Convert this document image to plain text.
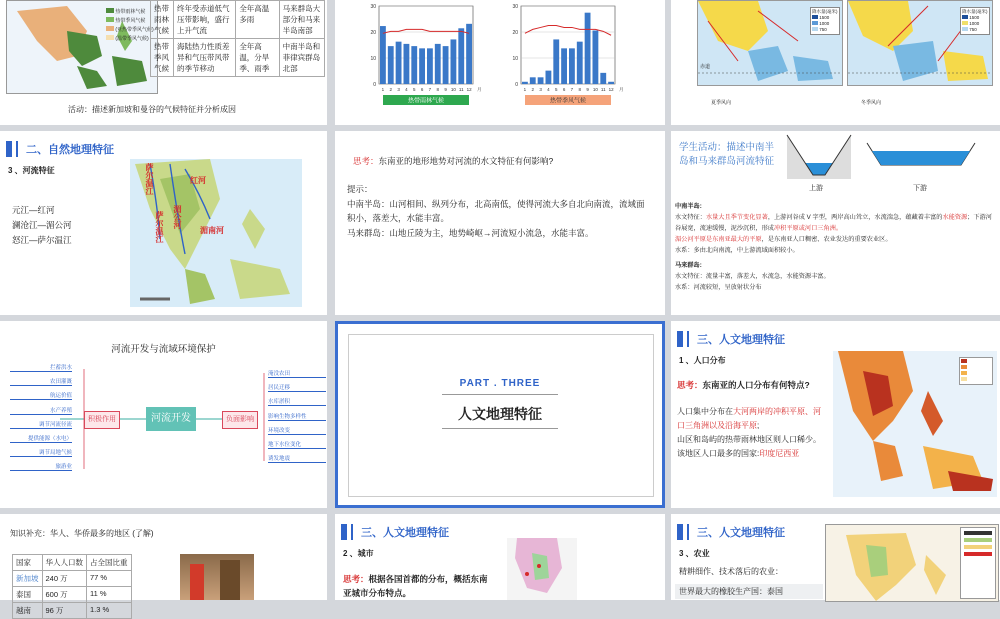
热带雨林气候
热带季风气候
(亚热带季风气候)
(温带季风气候)
热带雨林气候	终年受赤道低气压带影响，盛行上升气流	全年高温多雨	马来群岛大部分和马来半岛南部
热带季风气候	海陆热力性质差异和气压带风带的季节移动	全年高温，分旱季、雨季	中南半岛和菲律宾群岛北部
活动：描述新加坡和曼谷的气候特征并分析成因
0
10
20
30
1 2 3 4 5 6 7 8 9 10 11 12 月
热带雨林气候
0
10
20
30
1 2 3 4 5 6 7 8 9 10 11 12 月
热带季风气候
赤道
降水量(毫米)
1500
1000
750
夏季风向
降水量(毫米)
1500
1000
750
冬季风向
二、自然地理特征
3 、河流特征
元江—红河
澜沧江—湄公河
怒江—萨尔温江
萨尔温江
湄公河
红河
萨尔温江	湄南河
思考：东南亚的地形地势对河流的水文特征有何影响?
提示：
中南半岛：山河相间、纵列分布，北高南低，使得河流大多自北向南流，流域面积小，落差大，水能丰富。
马来群岛：山地丘陵为主，地势崎岖→河流短小流急，水能丰富。
学生活动：描述中南半岛和马来群岛河流特征
上游	下游
中南半岛:
水文特征：水量大且季节变化显著，上游河谷成 V 字型，两岸高山耸立，水流湍急，蕴藏着丰富的水能资源；下游河谷展宽，流速缓慢，泥沙沉积，形成冲积平原或河口三角洲。
湄公河平原是东南亚最大的平原，是东南亚人口稠密、农业发达的重要农业区。
水系：多由北向南流，中上游流域面积较小。
马来群岛:
水文特征：流量丰富，落差大，水流急，水能资源丰富。
水系：河流较短，呈放射状分布
河流开发与流域环境保护
拦蓄洪水
农田灌溉
航运价值
水产养殖
调节河流径流
提供能源（水电）
调节局地气候
旅游业
积极作用	河流开发	负面影响
淹没农田
居民迁移
水库淤积
影响生物多样性
环境改变
地下水位变化
诱发地震
PART . THREE
人文地理特征
三、人文地理特征
1 、人口分布
思考：东南亚的人口分布有何特点?
人口集中分布在大河两岸的冲积平原、河口三角洲以及沿海平原;
山区和岛屿的热带雨林地区则人口稀少。
该地区人口最多的国家:印度尼西亚
知识补充：华人、华侨最多的地区 (了解)
国家	华人人口数	占全国比重
新加坡	240 万	77 %
泰国	600 万	11 %
越南	96 万	1.3 %
三、人文地理特征
2 、城市
思考：根据各国首都的分布，概括东南亚城市分布特点。
三、人文地理特征
3 、农业
精耕细作、技术落后的农业：
世界最大的橡胶生产国：泰国
